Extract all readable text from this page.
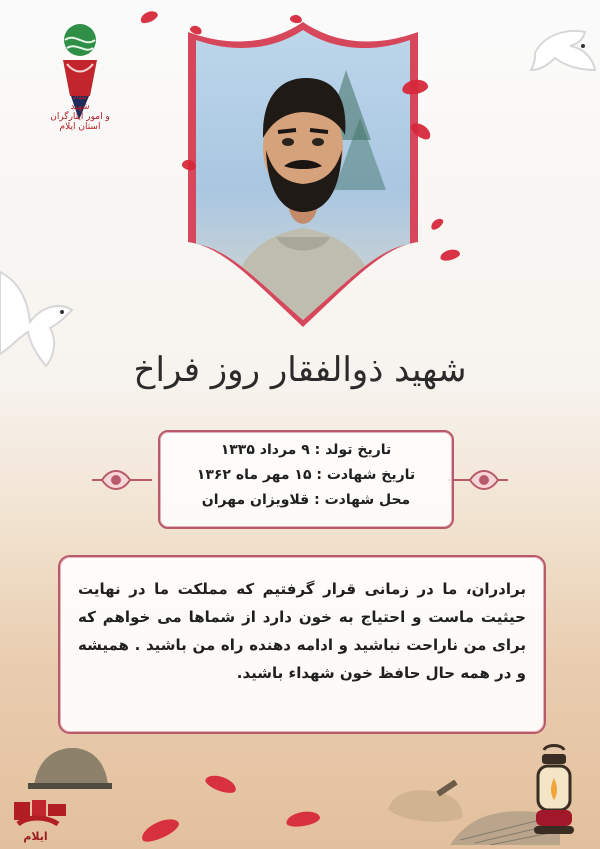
بنیاد
شهید
و امور ایثارگران
استان ایلام
شهید ذوالفقار روز فراخ
تاریخ تولد : ۹ مرداد ۱۳۳۵
تاریخ شهادت : ۱۵ مهر ماه ۱۳۶۲
محل شهادت : قلاویزان مهران
برادران، ما در زمانی قرار گرفتیم که مملکت ما در نهایت حیثیت ماست و احتیاج به خون دارد از شماها می خواهم که برای من ناراحت نباشید و ادامه دهنده راه من باشید . همیشه و در همه حال حافظ خون شهداء باشید.
ایلام
